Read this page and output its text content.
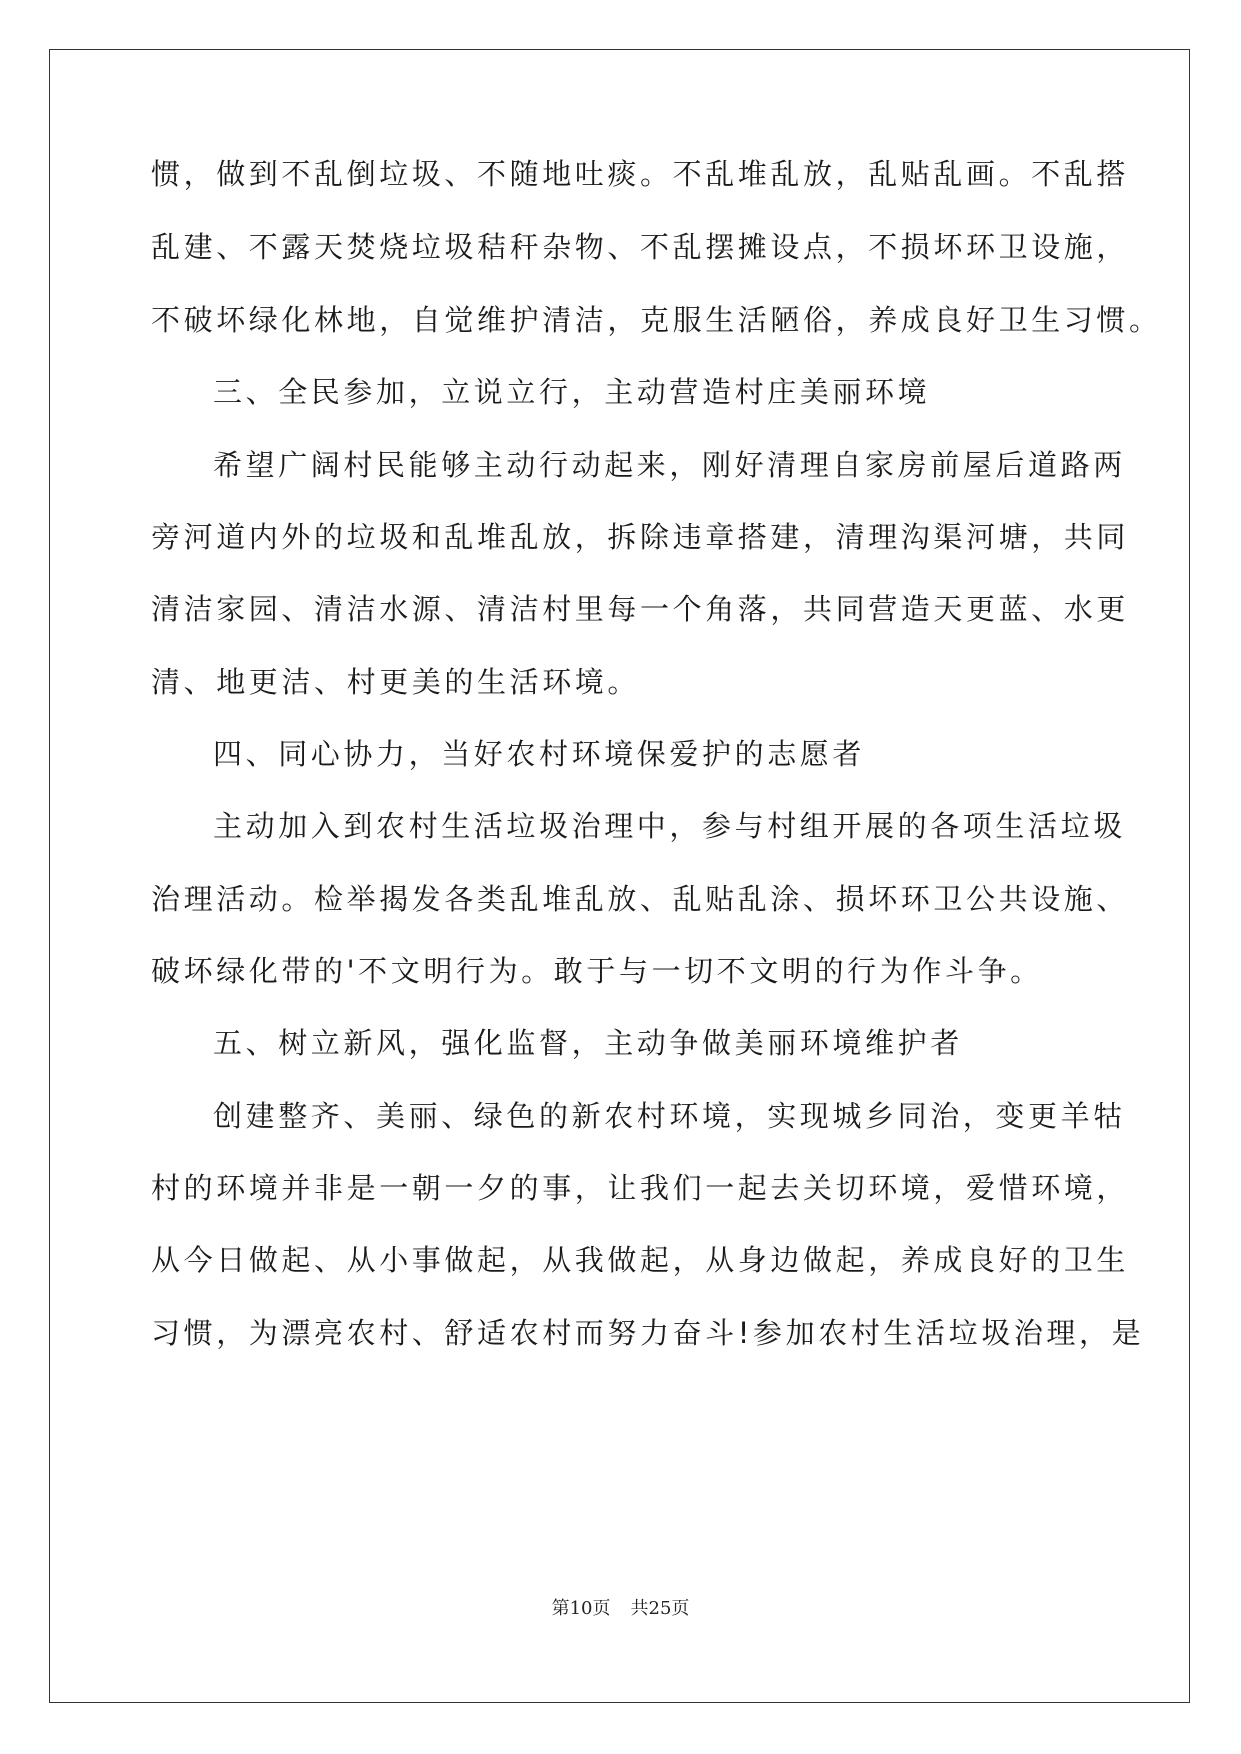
惯，做到不乱倒垃圾、不随地吐痰。不乱堆乱放，乱贴乱画。不乱搭
乱建、不露天焚烧垃圾秸秆杂物、不乱摆摊设点，不损坏环卫设施，
不破坏绿化林地，自觉维护清洁，克服生活陋俗，养成良好卫生习惯。
三、全民参加，立说立行，主动营造村庄美丽环境
希望广阔村民能够主动行动起来，刚好清理自家房前屋后道路两
旁河道内外的垃圾和乱堆乱放，拆除违章搭建，清理沟渠河塘，共同
清洁家园、清洁水源、清洁村里每一个角落，共同营造天更蓝、水更
清、地更洁、村更美的生活环境。
四、同心协力，当好农村环境保爱护的志愿者
主动加入到农村生活垃圾治理中，参与村组开展的各项生活垃圾
治理活动。检举揭发各类乱堆乱放、乱贴乱涂、损坏环卫公共设施、
破坏绿化带的'不文明行为。敢于与一切不文明的行为作斗争。
五、树立新风，强化监督，主动争做美丽环境维护者
创建整齐、美丽、绿色的新农村环境，实现城乡同治，变更羊牯
村的环境并非是一朝一夕的事，让我们一起去关切环境，爱惜环境，
从今日做起、从小事做起，从我做起，从身边做起，养成良好的卫生
习惯，为漂亮农村、舒适农村而努力奋斗!参加农村生活垃圾治理，是
第10页 共25页
